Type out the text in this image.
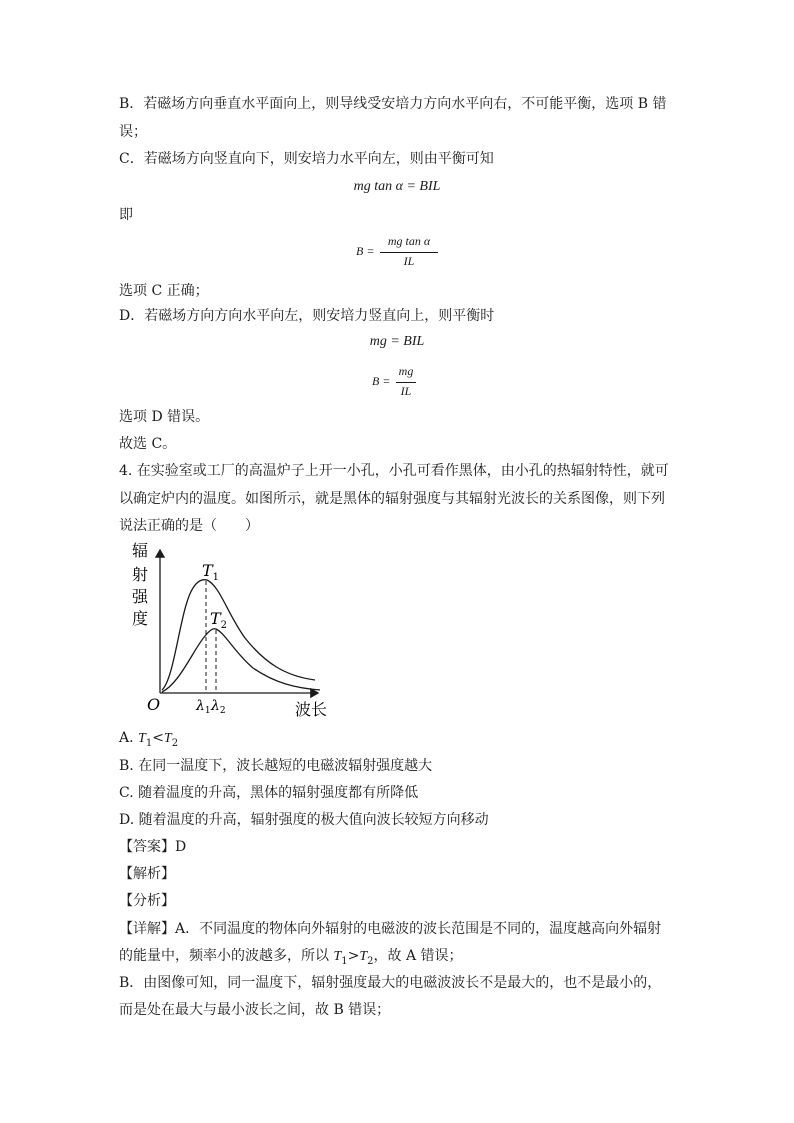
B．若磁场方向垂直水平面向上，则导线受安培力方向水平向右，不可能平衡，选项 B 错
误；
C．若磁场方向竖直向下，则安培力水平向左，则由平衡可知
mg tan α = BIL
即
B =
mg tan α
IL
选项 C 正确；
D．若磁场方向方向水平向左，则安培力竖直向上，则平衡时
mg = BIL
B =
mg
IL
选项 D 错误。
故选 C。
4. 在实验室或工厂的高温炉子上开一小孔，小孔可看作黑体，由小孔的热辐射特性，就可
以确定炉内的温度。如图所示，就是黑体的辐射强度与其辐射光波长的关系图像，则下列
说法正确的是（　　）
辐
射
强
度
波长
O
$T_1$
$T_2$
$\lambda_1$ $\lambda_2$
A. $T_1<T_2$
B. 在同一温度下，波长越短的电磁波辐射强度越大
C. 随着温度的升高，黑体的辐射强度都有所降低
D. 随着温度的升高，辐射强度的极大值向波长较短方向移动
【答案】D
【解析】
【分析】
【详解】A．不同温度的物体向外辐射的电磁波的波长范围是不同的，温度越高向外辐射
的能量中，频率小的波越多，所以 $T_1>T_2$，故 A 错误；
B．由图像可知，同一温度下，辐射强度最大的电磁波波长不是最大的，也不是最小的，
而是处在最大与最小波长之间，故 B 错误；
